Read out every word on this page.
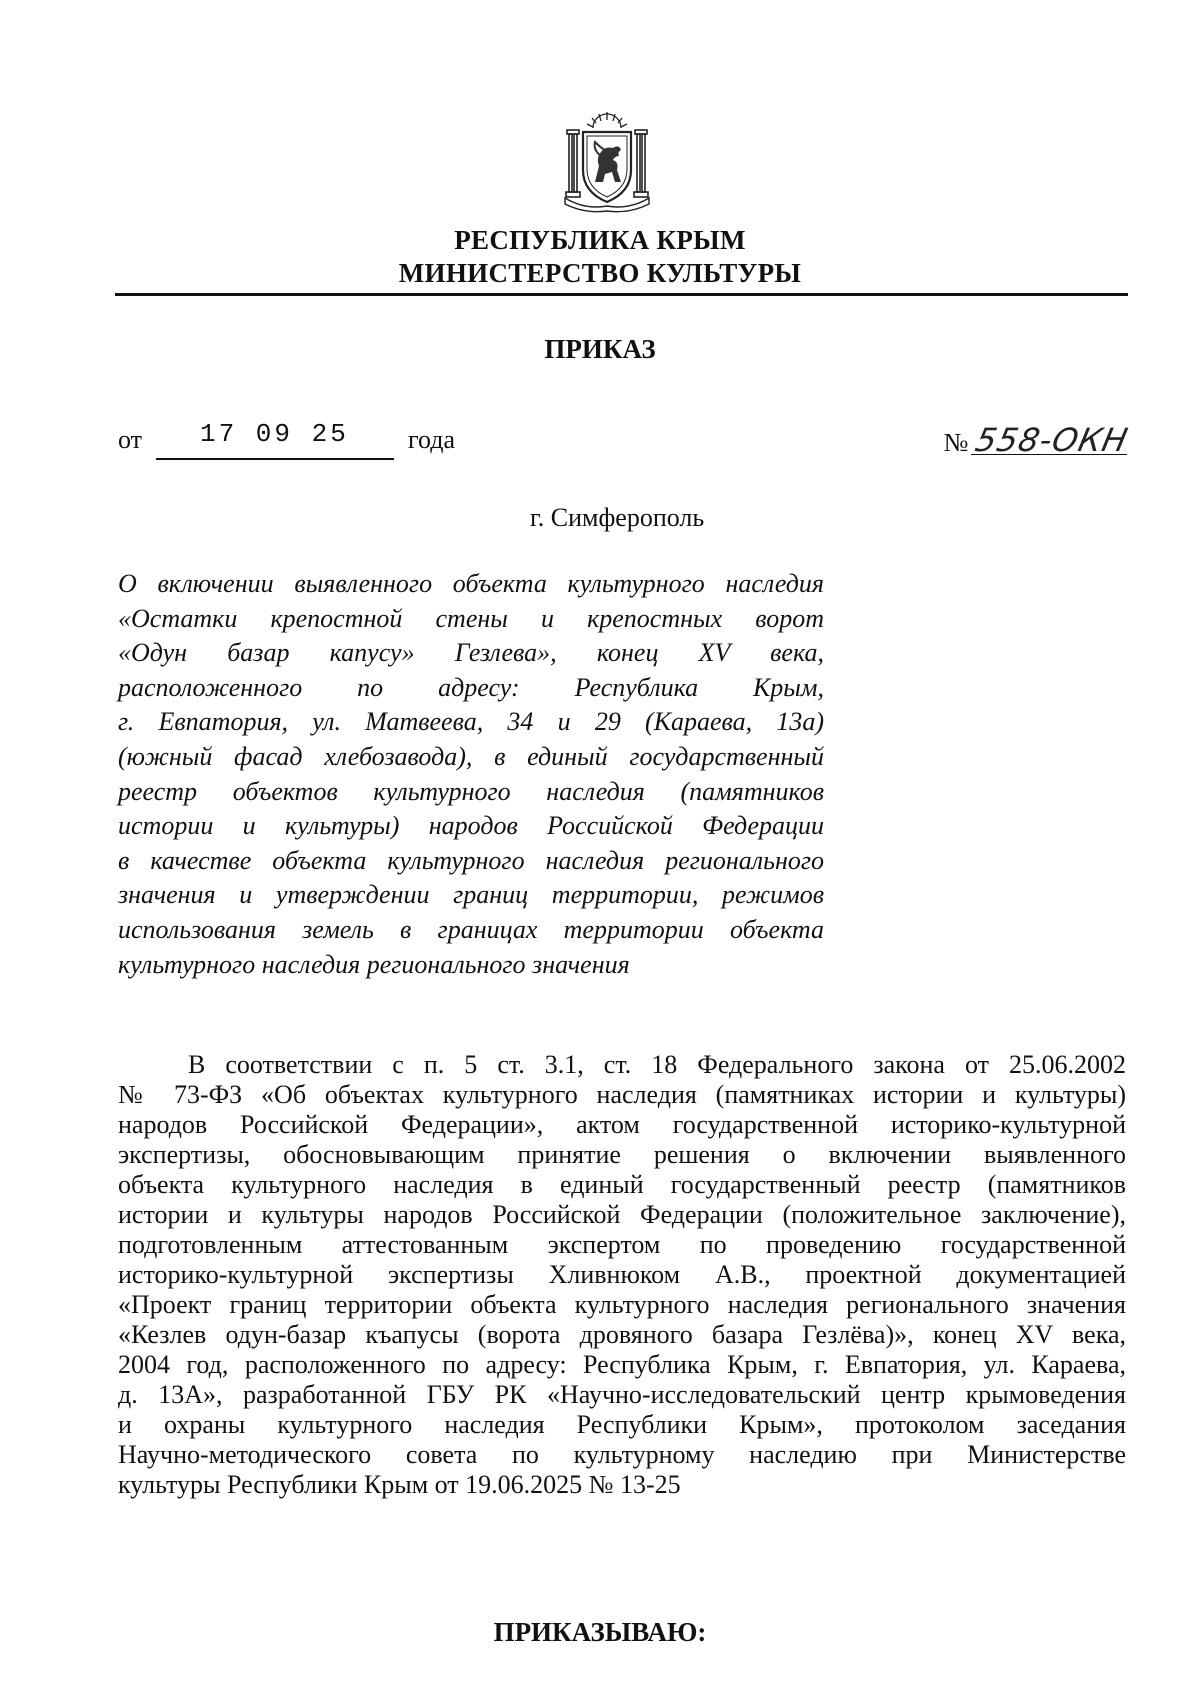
РЕСПУБЛИКА КРЫМ
МИНИСТЕРСТВО КУЛЬТУРЫ
ПРИКАЗ
от 17 09 25 года	№ 558-ОКН
г. Симферополь

О включении выявленного объекта культурного наследия

«Остатки крепостной стены и крепостных ворот

«Одун базар капусу» Гезлева», конец XV века,

расположенного по адресу: Республика Крым,

г. Евпатория, ул. Матвеева, 34 и 29 (Караева, 13а)

(южный фасад хлебозавода), в единый государственный

реестр объектов культурного наследия (памятников

истории и культуры) народов Российской Федерации

в качестве объекта культурного наследия регионального

значения и утверждении границ территории, режимов

использования земель в границах территории объекта

культурного наследия регионального значения

В соответствии с п. 5 ст. 3.1, ст. 18 Федерального закона от 25.06.2002

№ 73-ФЗ «Об объектах культурного наследия (памятниках истории и культуры)

народов Российской Федерации», актом государственной историко-культурной

экспертизы, обосновывающим принятие решения о включении выявленного

объекта культурного наследия в единый государственный реестр (памятников

истории и культуры народов Российской Федерации (положительное заключение),

подготовленным аттестованным экспертом по проведению государственной

историко-культурной экспертизы Хливнюком А.В., проектной документацией

«Проект границ территории объекта культурного наследия регионального значения

«Кезлев одун-базар къапусы (ворота дровяного базара Гезлёва)», конец XV века,

2004 год, расположенного по адресу: Республика Крым, г. Евпатория, ул. Караева,

д. 13А», разработанной ГБУ РК «Научно-исследовательский центр крымоведения

и охраны культурного наследия Республики Крым», протоколом заседания

Научно-методического совета по культурному наследию при Министерстве

культуры Республики Крым от 19.06.2025 № 13-25

ПРИКАЗЫВАЮ:
